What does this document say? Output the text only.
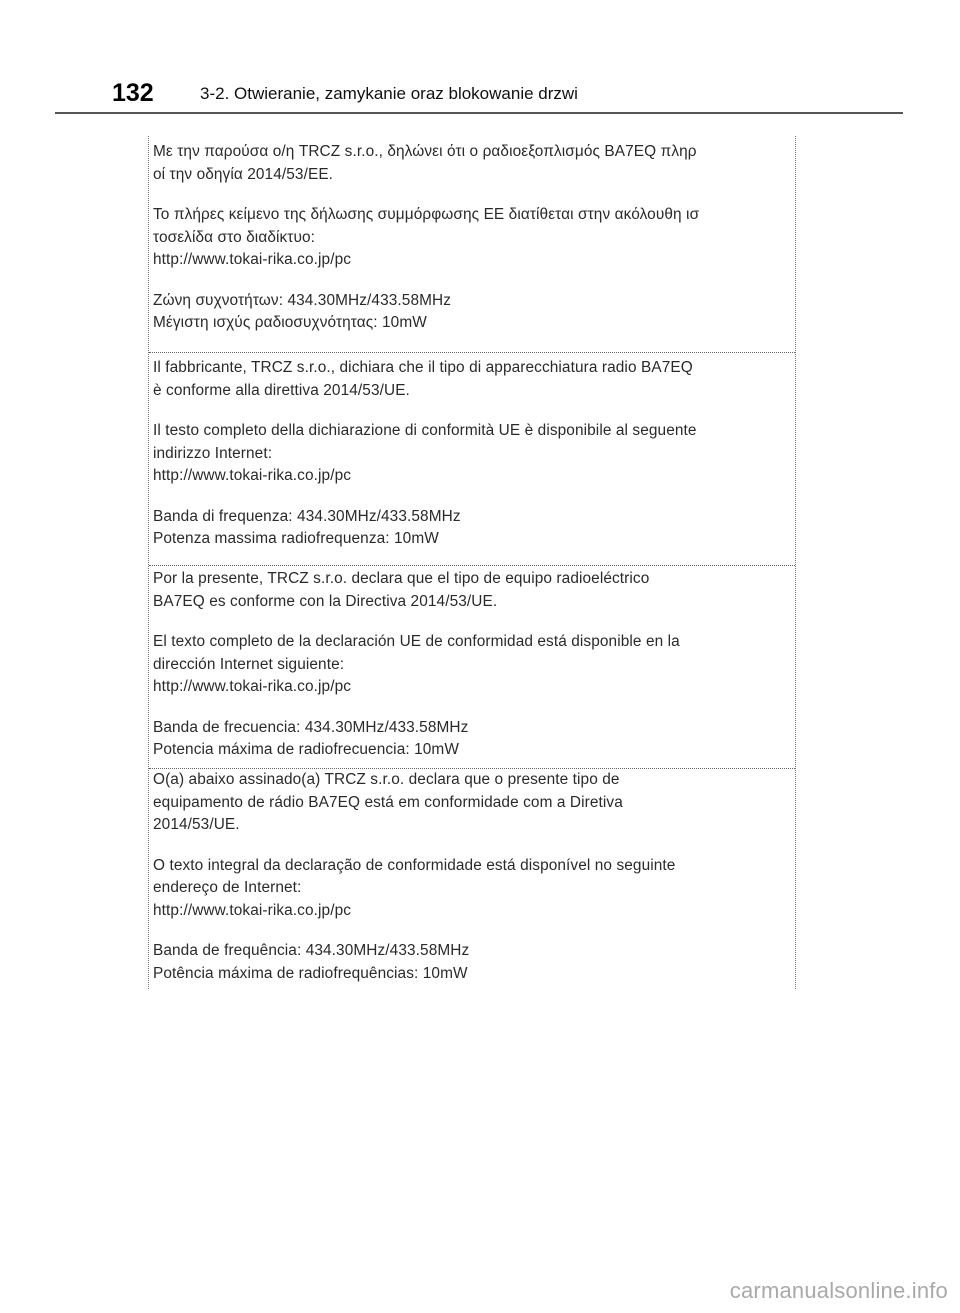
132	3-2. Otwieranie, zamykanie oraz blokowanie drzwi
Με την παρούσα ο/η TRCZ s.r.o., δηλώνει ότι ο ραδιοεξοπλισμός BA7EQ πληρ
οί την οδηγία 2014/53/EE.
Το πλήρες κείμενο της δήλωσης συμμόρφωσης ΕΕ διατίθεται στην ακόλουθη ισ
τοσελίδα στο διαδίκτυο:
http://www.tokai-rika.co.jp/pc
Ζώνη συχνοτήτων: 434.30MHz/433.58MHz
Μέγιστη ισχύς ραδιοσυχνότητας: 10mW
Il fabbricante, TRCZ s.r.o., dichiara che il tipo di apparecchiatura radio BA7EQ
è conforme alla direttiva 2014/53/UE.
Il testo completo della dichiarazione di conformità UE è disponibile al seguente
indirizzo Internet:
http://www.tokai-rika.co.jp/pc
Banda di frequenza: 434.30MHz/433.58MHz
Potenza massima radiofrequenza: 10mW
Por la presente, TRCZ s.r.o. declara que el tipo de equipo radioeléctrico
BA7EQ es conforme con la Directiva 2014/53/UE.
El texto completo de la declaración UE de conformidad está disponible en la
dirección Internet siguiente:
http://www.tokai-rika.co.jp/pc
Banda de frecuencia: 434.30MHz/433.58MHz
Potencia máxima de radiofrecuencia: 10mW
O(a) abaixo assinado(a) TRCZ s.r.o. declara que o presente tipo de
equipamento de rádio BA7EQ está em conformidade com a Diretiva
2014/53/UE.
O texto integral da declaração de conformidade está disponível no seguinte
endereço de Internet:
http://www.tokai-rika.co.jp/pc
Banda de frequência: 434.30MHz/433.58MHz
Potência máxima de radiofrequências: 10mW
carmanualsonline.info
